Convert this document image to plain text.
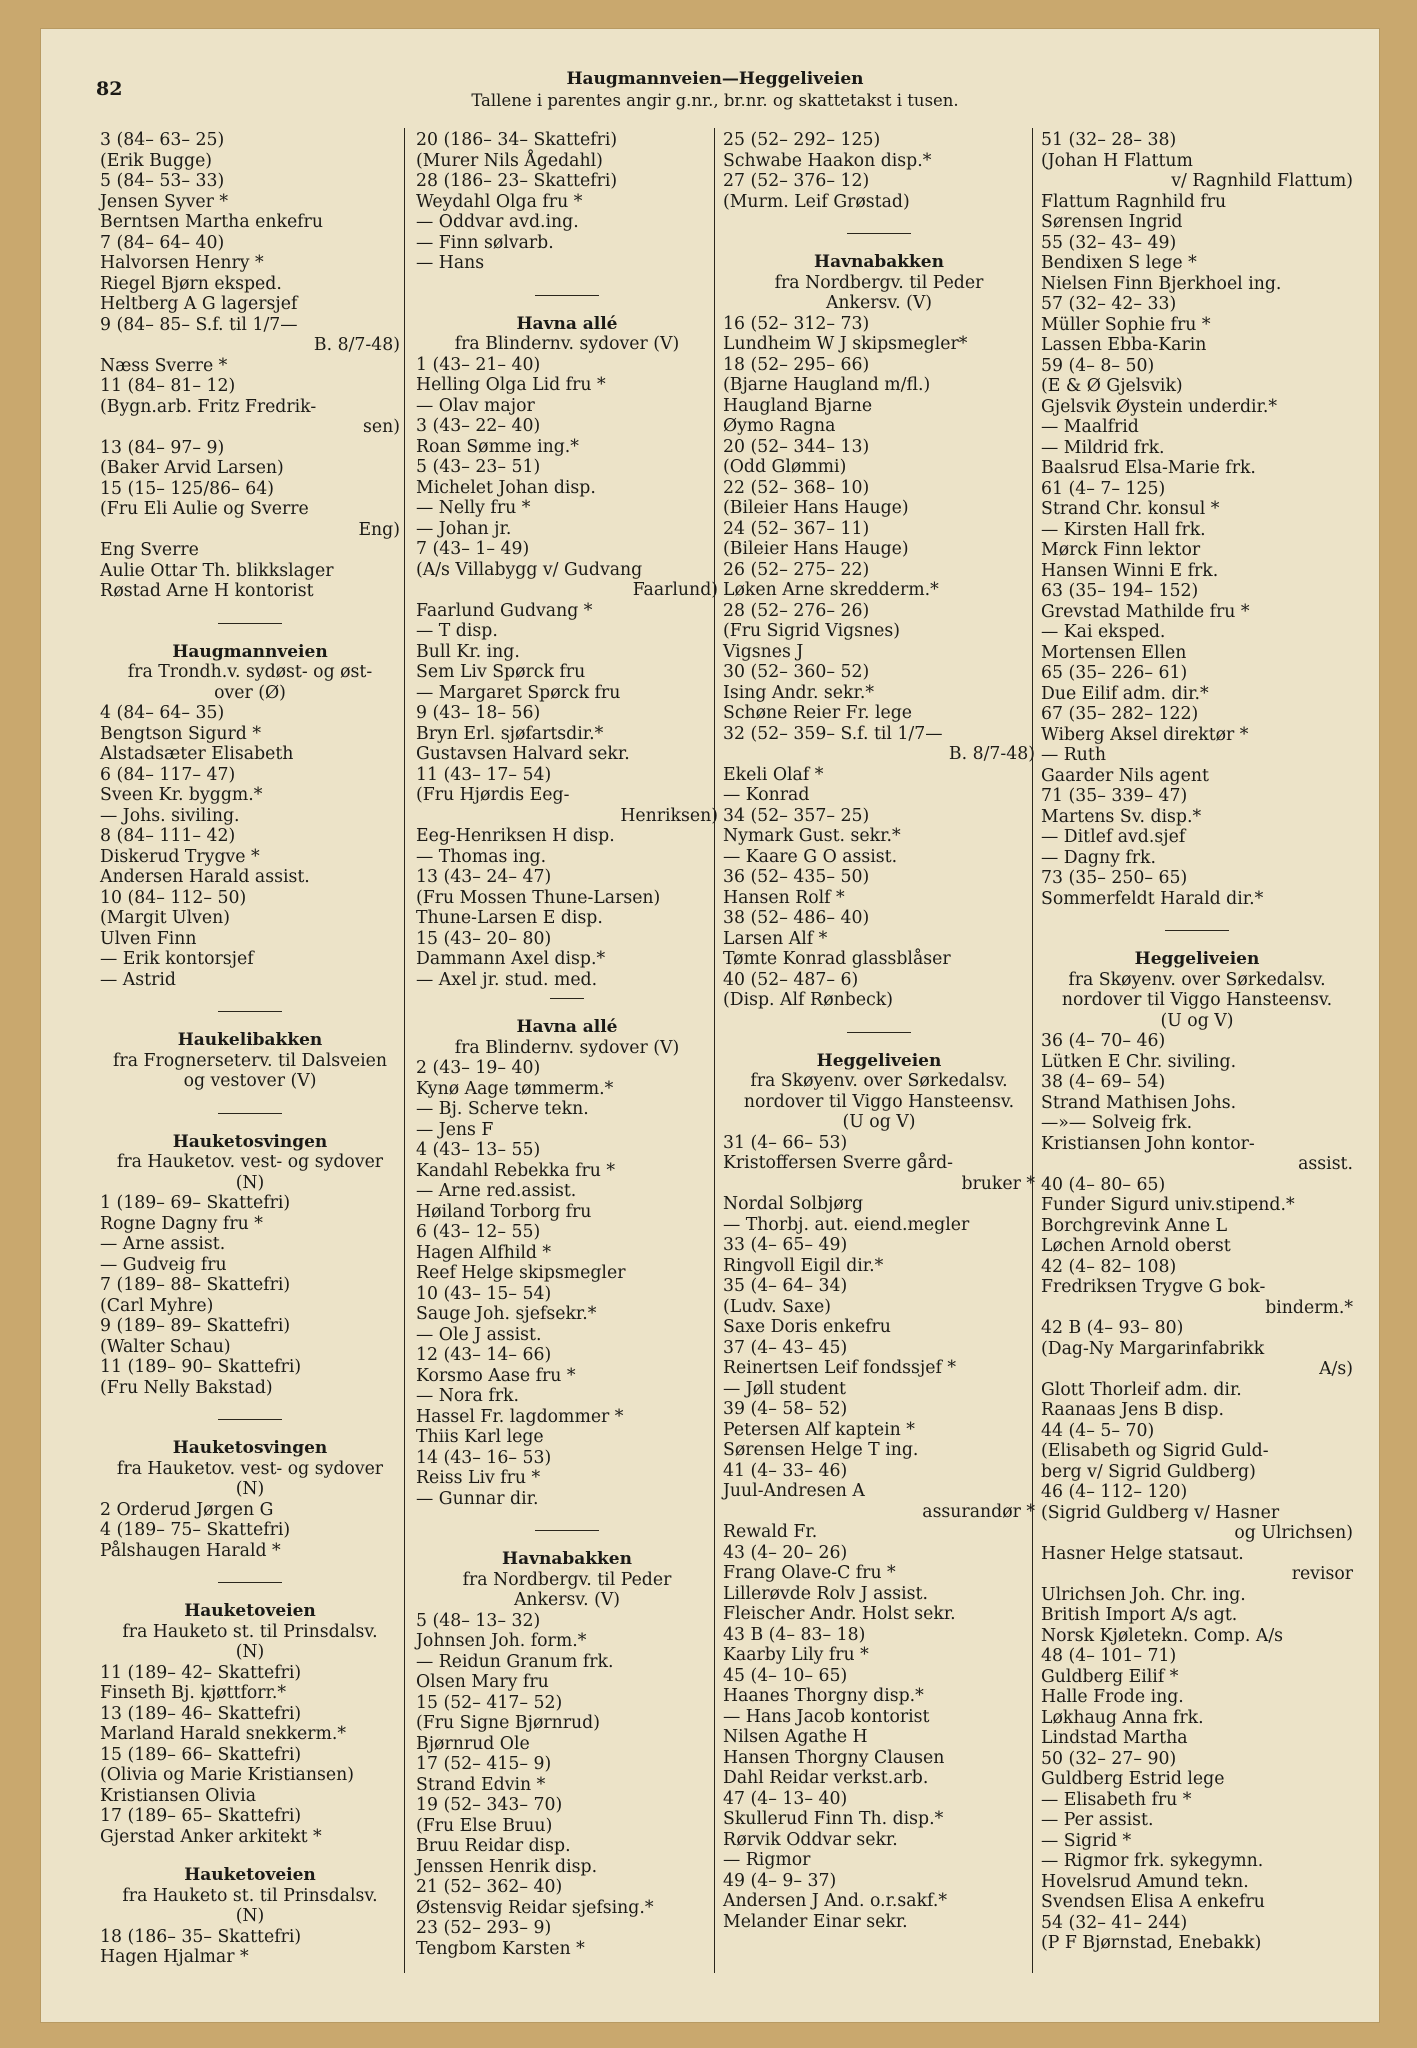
82	Haugmannveien—Heggeliveien
Tallene i parentes angir g.nr., br.nr. og skattetakst i tusen.
3 (84– 63– 25)
(Erik Bugge)
5 (84– 53– 33)
Jensen Syver *
Berntsen Martha enkefru
7 (84– 64– 40)
Halvorsen Henry *
Riegel Bjørn eksped.
Heltberg A G lagersjef
9 (84– 85– S.f. til 1/7—
B. 8/7-48)
Næss Sverre *
11 (84– 81– 12)
(Bygn.arb. Fritz Fredrik-
sen)
13 (84– 97– 9)
(Baker Arvid Larsen)
15 (15– 125/86– 64)
(Fru Eli Aulie og Sverre
Eng)
Eng Sverre
Aulie Ottar Th. blikkslager
Røstad Arne H kontorist
Haugmannveien
fra Trondh.v. sydøst- og øst-
over (Ø)
4 (84– 64– 35)
Bengtson Sigurd *
Alstadsæter Elisabeth
6 (84– 117– 47)
Sveen Kr. byggm.*
— Johs. siviling.
8 (84– 111– 42)
Diskerud Trygve *
Andersen Harald assist.
10 (84– 112– 50)
(Margit Ulven)
Ulven Finn
— Erik kontorsjef
— Astrid
Haukelibakken
fra Frognerseterv. til Dalsveien
og vestover (V)
Hauketosvingen
fra Hauketov. vest- og sydover
(N)
1 (189– 69– Skattefri)
Rogne Dagny fru *
— Arne assist.
— Gudveig fru
7 (189– 88– Skattefri)
(Carl Myhre)
9 (189– 89– Skattefri)
(Walter Schau)
11 (189– 90– Skattefri)
(Fru Nelly Bakstad)
Hauketosvingen
fra Hauketov. vest- og sydover
(N)
2 Orderud Jørgen G
4 (189– 75– Skattefri)
Pålshaugen Harald *
Hauketoveien
fra Hauketo st. til Prinsdalsv.
(N)
11 (189– 42– Skattefri)
Finseth Bj. kjøttforr.*
13 (189– 46– Skattefri)
Marland Harald snekkerm.*
15 (189– 66– Skattefri)
(Olivia og Marie Kristiansen)
Kristiansen Olivia
17 (189– 65– Skattefri)
Gjerstad Anker arkitekt *
Hauketoveien
fra Hauketo st. til Prinsdalsv.
(N)
18 (186– 35– Skattefri)
Hagen Hjalmar *
20 (186– 34– Skattefri)
(Murer Nils Ågedahl)
28 (186– 23– Skattefri)
Weydahl Olga fru *
— Oddvar avd.ing.
— Finn sølvarb.
— Hans
Havna allé
fra Blindernv. sydover (V)
1 (43– 21– 40)
Helling Olga Lid fru *
— Olav major
3 (43– 22– 40)
Roan Sømme ing.*
5 (43– 23– 51)
Michelet Johan disp.
— Nelly fru *
— Johan jr.
7 (43– 1– 49)
(A/s Villabygg v/ Gudvang
Faarlund)
Faarlund Gudvang *
— T disp.
Bull Kr. ing.
Sem Liv Spørck fru
— Margaret Spørck fru
9 (43– 18– 56)
Bryn Erl. sjøfartsdir.*
Gustavsen Halvard sekr.
11 (43– 17– 54)
(Fru Hjørdis Eeg-
Henriksen)
Eeg-Henriksen H disp.
— Thomas ing.
13 (43– 24– 47)
(Fru Mossen Thune-Larsen)
Thune-Larsen E disp.
15 (43– 20– 80)
Dammann Axel disp.*
— Axel jr. stud. med.
Havna allé
fra Blindernv. sydover (V)
2 (43– 19– 40)
Kynø Aage tømmerm.*
— Bj. Scherve tekn.
— Jens F
4 (43– 13– 55)
Kandahl Rebekka fru *
— Arne red.assist.
Høiland Torborg fru
6 (43– 12– 55)
Hagen Alfhild *
Reef Helge skipsmegler
10 (43– 15– 54)
Sauge Joh. sjefsekr.*
— Ole J assist.
12 (43– 14– 66)
Korsmo Aase fru *
— Nora frk.
Hassel Fr. lagdommer *
Thiis Karl lege
14 (43– 16– 53)
Reiss Liv fru *
— Gunnar dir.
Havnabakken
fra Nordbergv. til Peder
Ankersv. (V)
5 (48– 13– 32)
Johnsen Joh. form.*
— Reidun Granum frk.
Olsen Mary fru
15 (52– 417– 52)
(Fru Signe Bjørnrud)
Bjørnrud Ole
17 (52– 415– 9)
Strand Edvin *
19 (52– 343– 70)
(Fru Else Bruu)
Bruu Reidar disp.
Jenssen Henrik disp.
21 (52– 362– 40)
Østensvig Reidar sjefsing.*
23 (52– 293– 9)
Tengbom Karsten *
25 (52– 292– 125)
Schwabe Haakon disp.*
27 (52– 376– 12)
(Murm. Leif Grøstad)
Havnabakken
fra Nordbergv. til Peder
Ankersv. (V)
16 (52– 312– 73)
Lundheim W J skipsmegler*
18 (52– 295– 66)
(Bjarne Haugland m/fl.)
Haugland Bjarne
Øymo Ragna
20 (52– 344– 13)
(Odd Glømmi)
22 (52– 368– 10)
(Bileier Hans Hauge)
24 (52– 367– 11)
(Bileier Hans Hauge)
26 (52– 275– 22)
Løken Arne skredderm.*
28 (52– 276– 26)
(Fru Sigrid Vigsnes)
Vigsnes J
30 (52– 360– 52)
Ising Andr. sekr.*
Schøne Reier Fr. lege
32 (52– 359– S.f. til 1/7—
B. 8/7-48)
Ekeli Olaf *
— Konrad
34 (52– 357– 25)
Nymark Gust. sekr.*
— Kaare G O assist.
36 (52– 435– 50)
Hansen Rolf *
38 (52– 486– 40)
Larsen Alf *
Tømte Konrad glassblåser
40 (52– 487– 6)
(Disp. Alf Rønbeck)
Heggeliveien
fra Skøyenv. over Sørkedalsv.
nordover til Viggo Hansteensv.
(U og V)
31 (4– 66– 53)
Kristoffersen Sverre gård-
bruker *
Nordal Solbjørg
— Thorbj. aut. eiend.megler
33 (4– 65– 49)
Ringvoll Eigil dir.*
35 (4– 64– 34)
(Ludv. Saxe)
Saxe Doris enkefru
37 (4– 43– 45)
Reinertsen Leif fondssjef *
— Jøll student
39 (4– 58– 52)
Petersen Alf kaptein *
Sørensen Helge T ing.
41 (4– 33– 46)
Juul-Andresen A
assurandør *
Rewald Fr.
43 (4– 20– 26)
Frang Olave-C fru *
Lillerøvde Rolv J assist.
Fleischer Andr. Holst sekr.
43 B (4– 83– 18)
Kaarby Lily fru *
45 (4– 10– 65)
Haanes Thorgny disp.*
— Hans Jacob kontorist
Nilsen Agathe H
Hansen Thorgny Clausen
Dahl Reidar verkst.arb.
47 (4– 13– 40)
Skullerud Finn Th. disp.*
Rørvik Oddvar sekr.
— Rigmor
49 (4– 9– 37)
Andersen J And. o.r.sakf.*
Melander Einar sekr.
51 (32– 28– 38)
(Johan H Flattum
v/ Ragnhild Flattum)
Flattum Ragnhild fru
Sørensen Ingrid
55 (32– 43– 49)
Bendixen S lege *
Nielsen Finn Bjerkhoel ing.
57 (32– 42– 33)
Müller Sophie fru *
Lassen Ebba-Karin
59 (4– 8– 50)
(E & Ø Gjelsvik)
Gjelsvik Øystein underdir.*
— Maalfrid
— Mildrid frk.
Baalsrud Elsa-Marie frk.
61 (4– 7– 125)
Strand Chr. konsul *
— Kirsten Hall frk.
Mørck Finn lektor
Hansen Winni E frk.
63 (35– 194– 152)
Grevstad Mathilde fru *
— Kai eksped.
Mortensen Ellen
65 (35– 226– 61)
Due Eilif adm. dir.*
67 (35– 282– 122)
Wiberg Aksel direktør *
— Ruth
Gaarder Nils agent
71 (35– 339– 47)
Martens Sv. disp.*
— Ditlef avd.sjef
— Dagny frk.
73 (35– 250– 65)
Sommerfeldt Harald dir.*
Heggeliveien
fra Skøyenv. over Sørkedalsv.
nordover til Viggo Hansteensv.
(U og V)
36 (4– 70– 46)
Lütken E Chr. siviling.
38 (4– 69– 54)
Strand Mathisen Johs.
—»— Solveig frk.
Kristiansen John kontor-
assist.
40 (4– 80– 65)
Funder Sigurd univ.stipend.*
Borchgrevink Anne L
Løchen Arnold oberst
42 (4– 82– 108)
Fredriksen Trygve G bok-
binderm.*
42 B (4– 93– 80)
(Dag-Ny Margarinfabrikk
A/s)
Glott Thorleif adm. dir.
Raanaas Jens B disp.
44 (4– 5– 70)
(Elisabeth og Sigrid Guld-
berg v/ Sigrid Guldberg)
46 (4– 112– 120)
(Sigrid Guldberg v/ Hasner
og Ulrichsen)
Hasner Helge statsaut.
revisor
Ulrichsen Joh. Chr. ing.
British Import A/s agt.
Norsk Kjøletekn. Comp. A/s
48 (4– 101– 71)
Guldberg Eilif *
Halle Frode ing.
Løkhaug Anna frk.
Lindstad Martha
50 (32– 27– 90)
Guldberg Estrid lege
— Elisabeth fru *
— Per assist.
— Sigrid *
— Rigmor frk. sykegymn.
Hovelsrud Amund tekn.
Svendsen Elisa A enkefru
54 (32– 41– 244)
(P F Bjørnstad, Enebakk)
